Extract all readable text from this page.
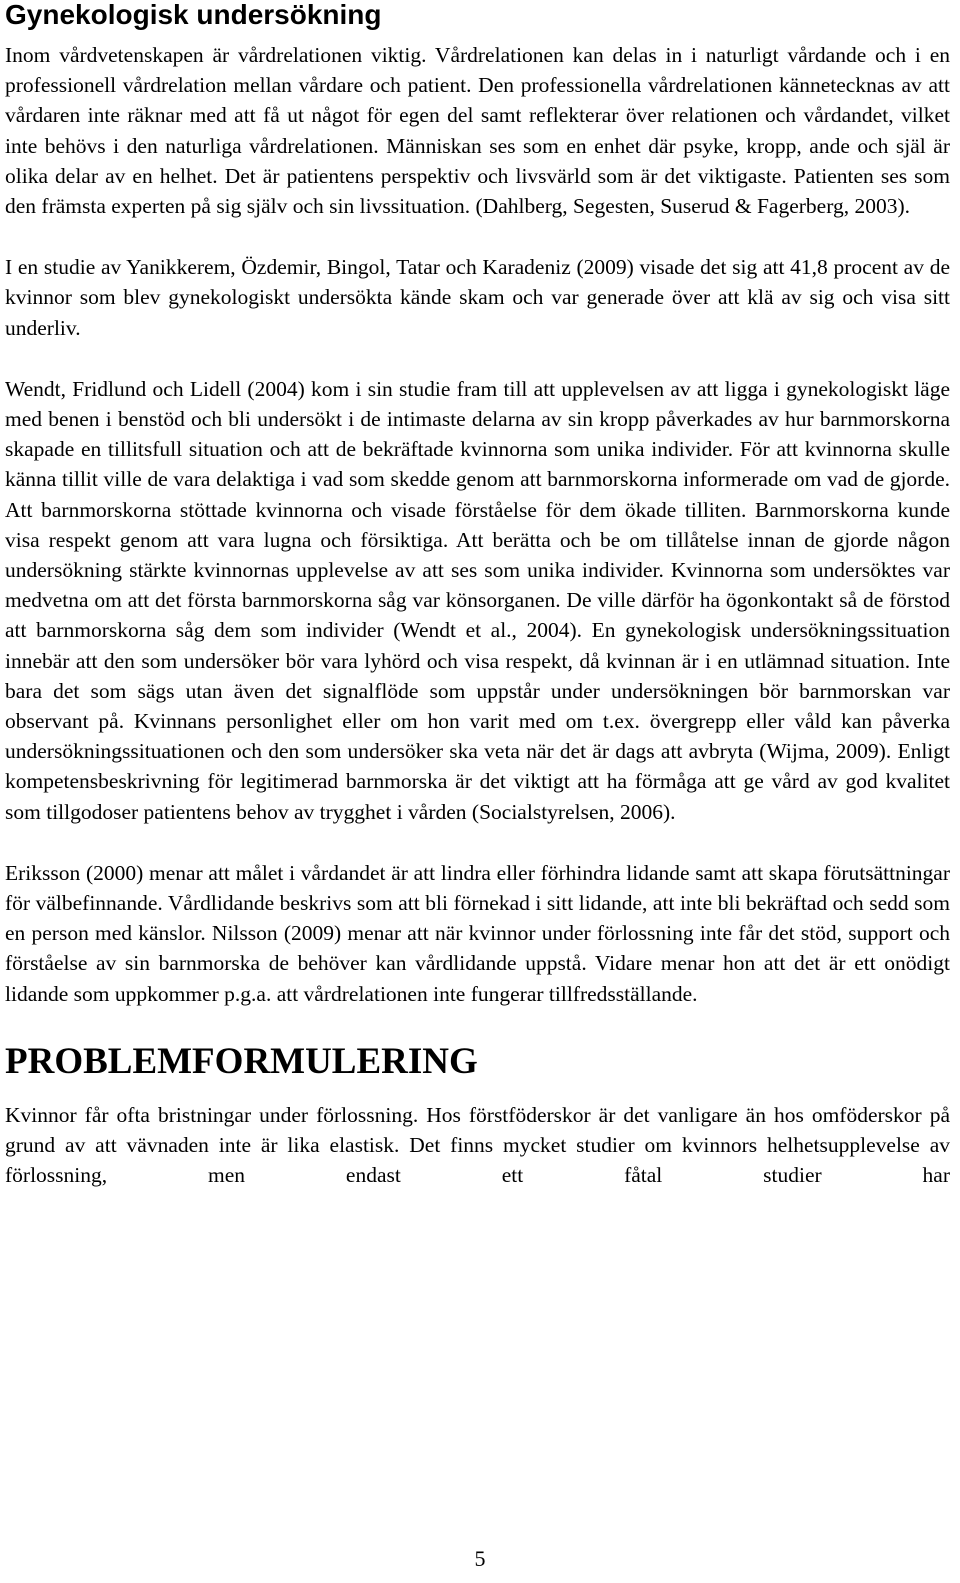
Gynekologisk undersökning

Inom vårdvetenskapen är vårdrelationen viktig. Vårdrelationen kan delas in i naturligt vårdande och i en professionell vårdrelation mellan vårdare och patient. Den professionella vårdrelationen kännetecknas av att vårdaren inte räknar med att få ut något för egen del samt reflekterar över relationen och vårdandet, vilket inte behövs i den naturliga vårdrelationen. Människan ses som en enhet där psyke, kropp, ande och själ är olika delar av en helhet. Det är patientens perspektiv och livsvärld som är det viktigaste. Patienten ses som den främsta experten på sig själv och sin livssituation. (Dahlberg, Segesten, Suserud & Fagerberg, 2003).

I en studie av Yanikkerem, Özdemir, Bingol, Tatar och Karadeniz (2009) visade det sig att 41,8 procent av de kvinnor som blev gynekologiskt undersökta kände skam och var generade över att klä av sig och visa sitt underliv.

Wendt, Fridlund och Lidell (2004) kom i sin studie fram till att upplevelsen av att ligga i gynekologiskt läge med benen i benstöd och bli undersökt i de intimaste delarna av sin kropp påverkades av hur barnmorskorna skapade en tillitsfull situation och att de bekräftade kvinnorna som unika individer. För att kvinnorna skulle känna tillit ville de vara delaktiga i vad som skedde genom att barnmorskorna informerade om vad de gjorde. Att barnmorskorna stöttade kvinnorna och visade förståelse för dem ökade tilliten. Barnmorskorna kunde visa respekt genom att vara lugna och försiktiga. Att berätta och be om tillåtelse innan de gjorde någon undersökning stärkte kvinnornas upplevelse av att ses som unika individer. Kvinnorna som undersöktes var medvetna om att det första barnmorskorna såg var könsorganen. De ville därför ha ögonkontakt så de förstod att barnmorskorna såg dem som individer (Wendt et al., 2004). En gynekologisk undersökningssituation innebär att den som undersöker bör vara lyhörd och visa respekt, då kvinnan är i en utlämnad situation. Inte bara det som sägs utan även det signalflöde som uppstår under undersökningen bör barnmorskan var observant på. Kvinnans personlighet eller om hon varit med om t.ex. övergrepp eller våld kan påverka undersökningssituationen och den som undersöker ska veta när det är dags att avbryta (Wijma, 2009). Enligt kompetensbeskrivning för legitimerad barnmorska är det viktigt att ha förmåga att ge vård av god kvalitet som tillgodoser patientens behov av trygghet i vården (Socialstyrelsen, 2006).

Eriksson (2000) menar att målet i vårdandet är att lindra eller förhindra lidande samt att skapa förutsättningar för välbefinnande. Vårdlidande beskrivs som att bli förnekad i sitt lidande, att inte bli bekräftad och sedd som en person med känslor. Nilsson (2009) menar att när kvinnor under förlossning inte får det stöd, support och förståelse av sin barnmorska de behöver kan vårdlidande uppstå. Vidare menar hon att det är ett onödigt lidande som uppkommer p.g.a. att vårdrelationen inte fungerar tillfredsställande.

PROBLEMFORMULERING

Kvinnor får ofta bristningar under förlossning. Hos förstföderskor är det vanligare än hos omföderskor på grund av att vävnaden inte är lika elastisk. Det finns mycket studier om kvinnors helhetsupplevelse av förlossning, men endast ett fåtal studier har

5
